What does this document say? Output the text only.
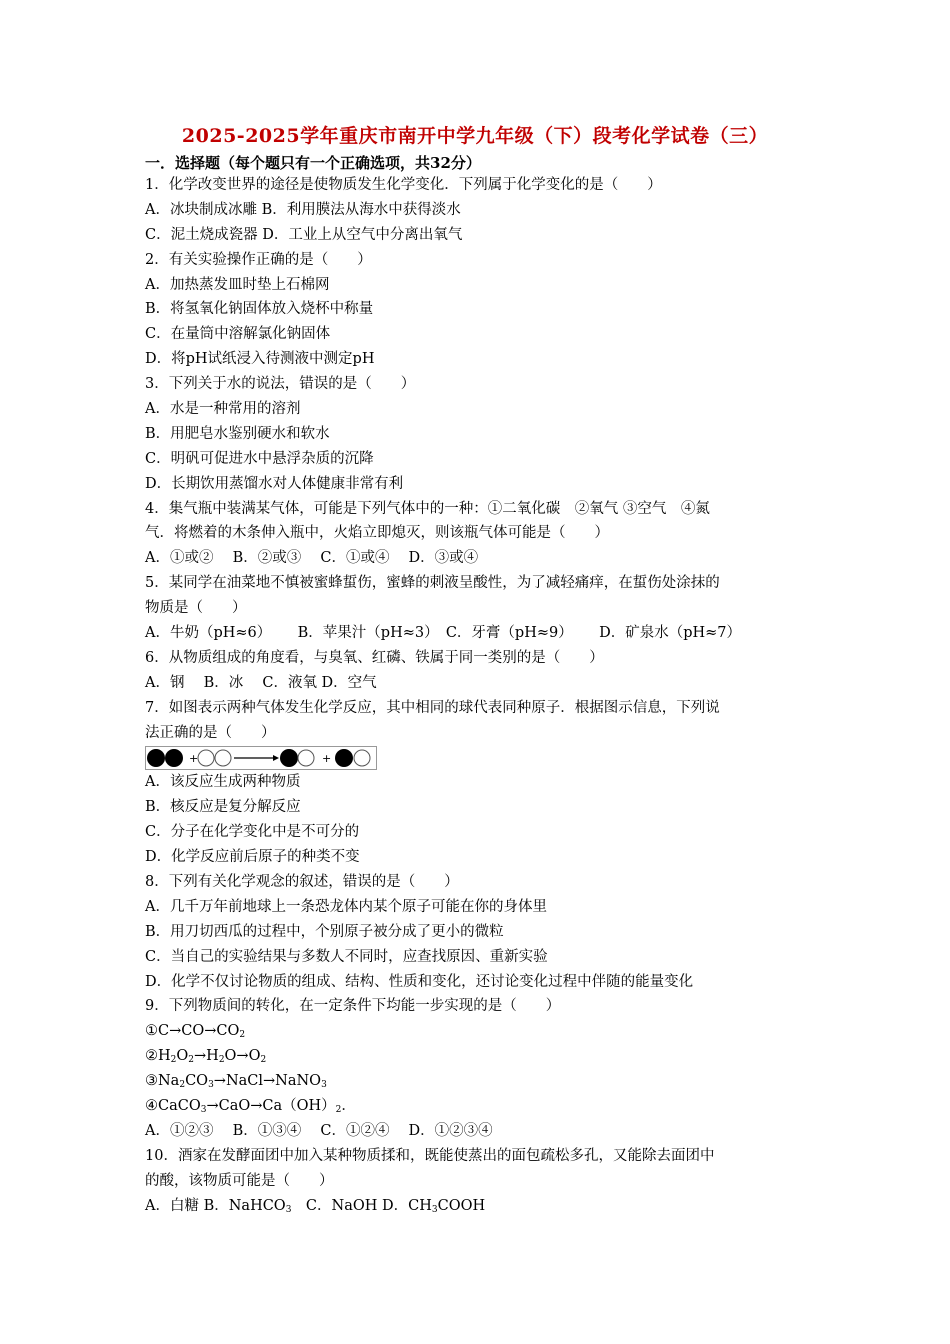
2025-2025学年重庆市南开中学九年级（下）段考化学试卷（三）
一．选择题（每个题只有一个正确选项，共32分）
1．化学改变世界的途径是使物质发生化学变化．下列属于化学变化的是（　　）
A．冰块制成冰雕 B．利用膜法从海水中获得淡水
C．泥土烧成瓷器 D．工业上从空气中分离出氧气
2．有关实验操作正确的是（　　）
A．加热蒸发皿时垫上石棉网
B．将氢氧化钠固体放入烧杯中称量
C．在量筒中溶解氯化钠固体
D．将pH试纸浸入待测液中测定pH
3．下列关于水的说法，错误的是（　　）
A．水是一种常用的溶剂
B．用肥皂水鉴别硬水和软水
C．明矾可促进水中悬浮杂质的沉降
D．长期饮用蒸馏水对人体健康非常有利
4．集气瓶中装满某气体，可能是下列气体中的一种：①二氧化碳　②氧气 ③空气　④氮
气．将燃着的木条伸入瓶中，火焰立即熄灭，则该瓶气体可能是（　　）
A．①或②　 B．②或③　 C．①或④　 D．③或④
5．某同学在油菜地不慎被蜜蜂蜇伤，蜜蜂的刺液呈酸性，为了减轻痛痒，在蜇伤处涂抹的
物质是（　　）
A．牛奶（pH≈6）　　 B．苹果汁（pH≈3）　C．牙膏（pH≈9）　　 D．矿泉水（pH≈7）
6．从物质组成的角度看，与臭氧、红磷、铁属于同一类别的是（　　）
A．钢　 B．冰　 C．液氧 D．空气
7．如图表示两种气体发生化学反应，其中相同的球代表同种原子．根据图示信息，下列说
法正确的是（　　）
+	+
A．该反应生成两种物质
B．核反应是复分解反应
C．分子在化学变化中是不可分的
D．化学反应前后原子的种类不变
8．下列有关化学观念的叙述，错误的是（　　）
A．几千万年前地球上一条恐龙体内某个原子可能在你的身体里
B．用刀切西瓜的过程中，个别原子被分成了更小的微粒
C．当自己的实验结果与多数人不同时，应查找原因、重新实验
D．化学不仅讨论物质的组成、结构、性质和变化，还讨论变化过程中伴随的能量变化
9．下列物质间的转化，在一定条件下均能一步实现的是（　　）
$①C\to CO\to CO_2$
$②H_2O_2\to H_2O\to O_2$
$③Na_2CO_3\to NaCl\to NaNO_3$
$④CaCO_3\to CaO\to Ca(OH)_2$．
A．①②③　 B．①③④　 C．①②④　 D．①②③④
10．酒家在发酵面团中加入某种物质揉和，既能使蒸出的面包疏松多孔，又能除去面团中
的酸，该物质可能是（　　）
A．白糖 B．NaHCO$_3$　C．NaOH D．$CH_3COOH$
